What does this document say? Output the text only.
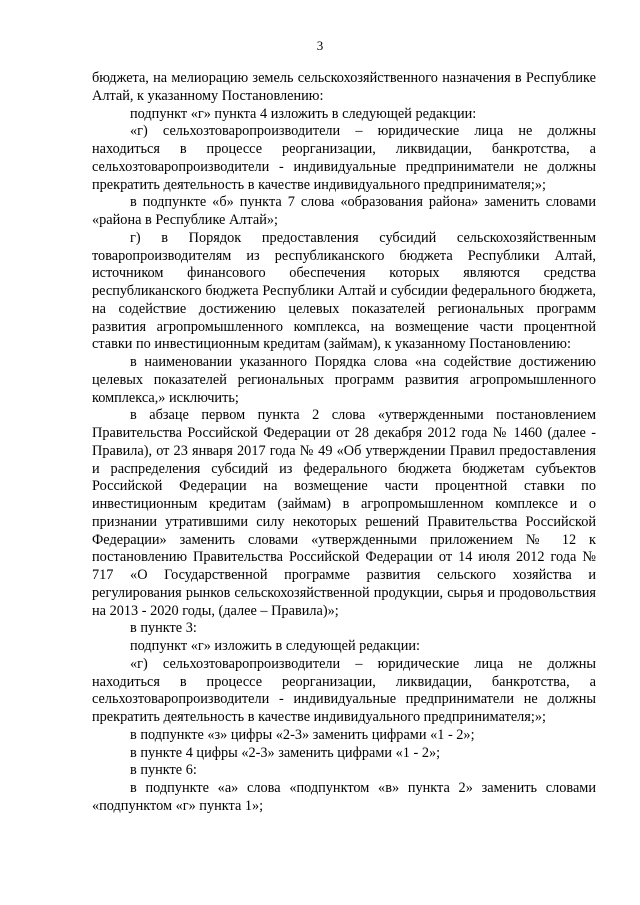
3

бюджета, на мелиорацию земель сельскохозяйственного назначения в Республике Алтай, к указанному Постановлению:

подпункт «г» пункта 4 изложить в следующей редакции:

«г) сельхозтоваропроизводители – юридические лица не должны находиться в процессе реорганизации, ликвидации, банкротства, а сельхозтоваропроизводители - индивидуальные предприниматели не должны прекратить деятельность в качестве индивидуального предпринимателя;»;

в подпункте «б» пункта 7 слова «образования района» заменить словами «района в Республике Алтай»;

г) в Порядок предоставления субсидий сельскохозяйственным товаропроизводителям из республиканского бюджета Республики Алтай, источником финансового обеспечения которых являются средства республиканского бюджета Республики Алтай и субсидии федерального бюджета, на содействие достижению целевых показателей региональных программ развития агропромышленного комплекса, на возмещение части процентной ставки по инвестиционным кредитам (займам), к указанному Постановлению:

в наименовании указанного Порядка слова «на содействие достижению целевых показателей региональных программ развития агропромышленного комплекса,» исключить;

в абзаце первом пункта 2 слова «утвержденными постановлением Правительства Российской Федерации от 28 декабря 2012 года № 1460 (далее - Правила), от 23 января 2017 года № 49 «Об утверждении Правил предоставления и распределения субсидий из федерального бюджета бюджетам субъектов Российской Федерации на возмещение части процентной ставки по инвестиционным кредитам (займам) в агропромышленном комплексе и о признании утратившими силу некоторых решений Правительства Российской Федерации» заменить словами «утвержденными приложением № 12 к постановлению Правительства Российской Федерации от 14 июля 2012 года № 717 «О Государственной программе развития сельского хозяйства и регулирования рынков сельскохозяйственной продукции, сырья и продовольствия на 2013 - 2020 годы, (далее – Правила)»;

в пункте 3:

подпункт «г» изложить в следующей редакции:

«г) сельхозтоваропроизводители – юридические лица не должны находиться в процессе реорганизации, ликвидации, банкротства, а сельхозтоваропроизводители - индивидуальные предприниматели не должны прекратить деятельность в качестве индивидуального предпринимателя;»;

в подпункте «з» цифры «2-3» заменить цифрами «1 - 2»;

в пункте 4 цифры «2-3» заменить цифрами «1 - 2»;

в пункте 6:

в подпункте «а» слова «подпунктом «в» пункта 2» заменить словами «подпунктом «г» пункта 1»;
